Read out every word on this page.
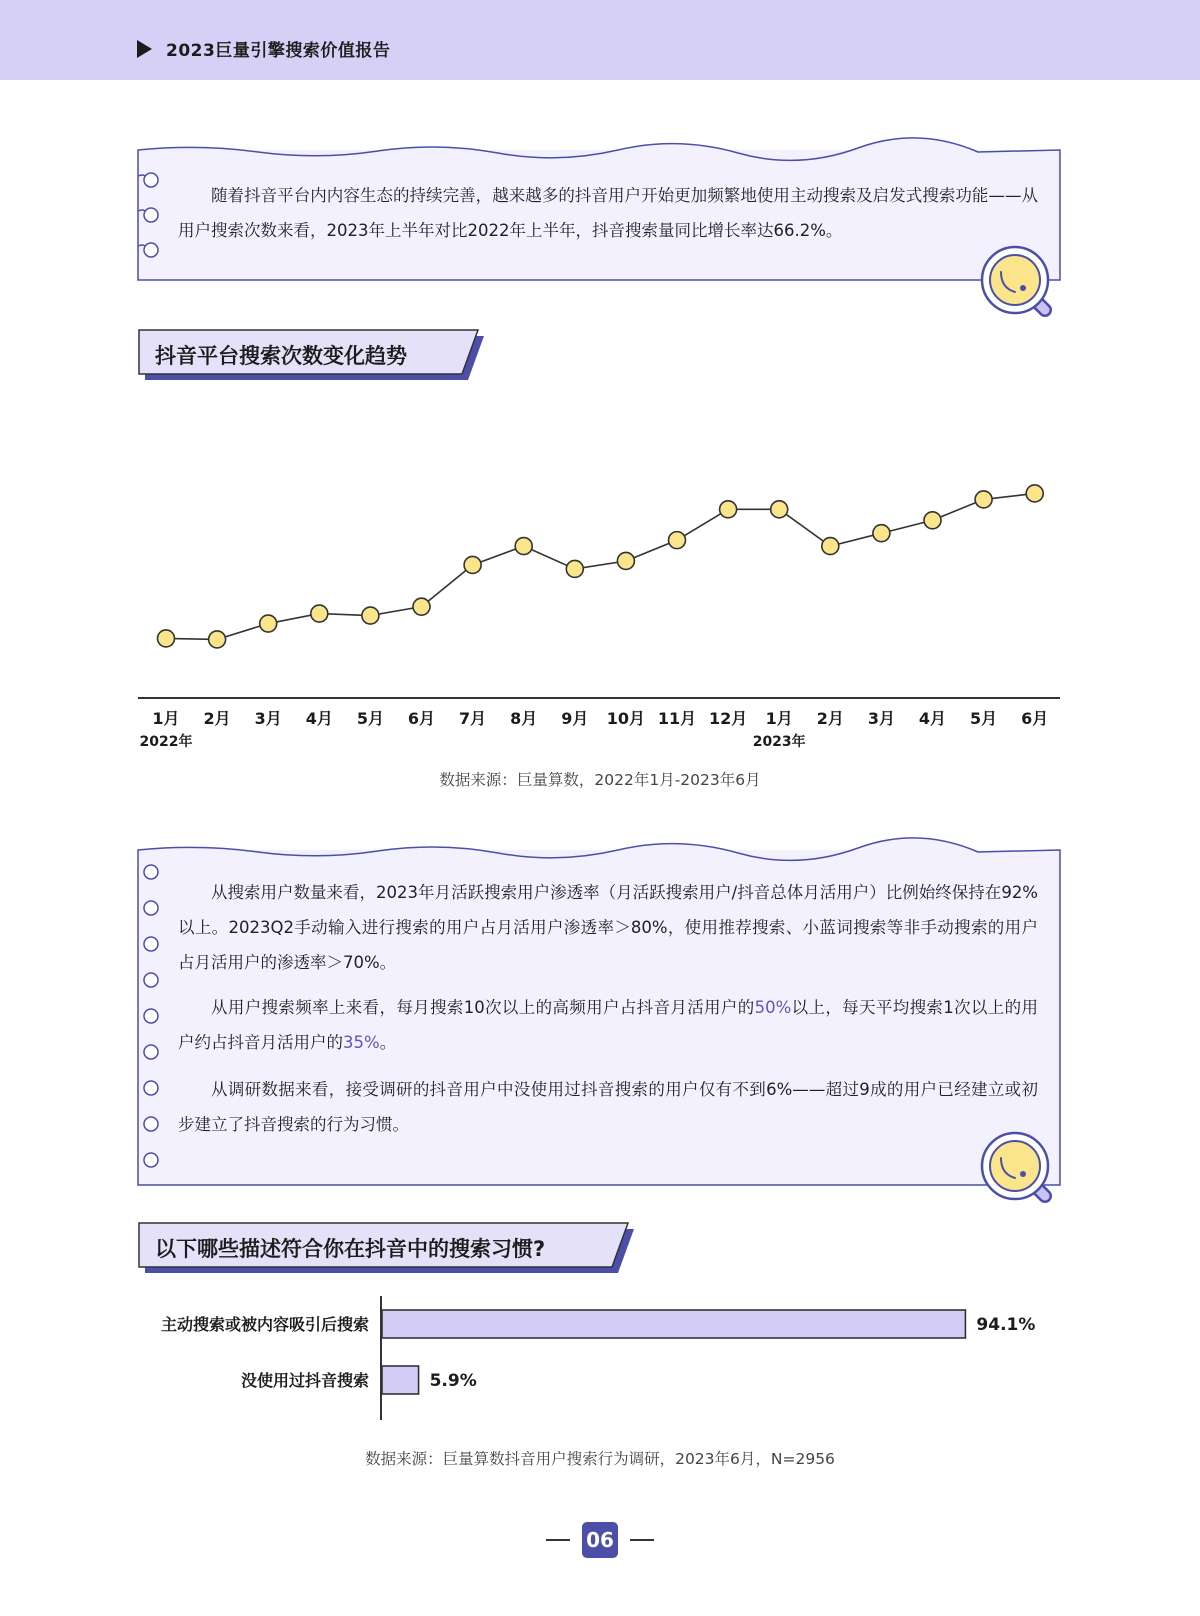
2023巨量引擎搜索价值报告
随着抖音平台内内容生态的持续完善，越来越多的抖音用户开始更加频繁地使用主动搜索及启发式搜索功能——从用户搜索次数来看，2023年上半年对比2022年上半年，抖音搜索量同比增长率达66.2%。
抖音平台搜索次数变化趋势
1月 2月 3月 4月 5月 6月 7月 8月 9月 10月 11月 12月 1月 2月 3月 4月 5月 6月
2022年	2023年
数据来源：巨量算数，2022年1月-2023年6月
从搜索用户数量来看，2023年月活跃搜索用户渗透率（月活跃搜索用户/抖音总体月活用户）比例始终保持在92%以上。2023Q2手动输入进行搜索的用户占月活用户渗透率＞80%，使用推荐搜索、小蓝词搜索等非手动搜索的用户占月活用户的渗透率＞70%。
从用户搜索频率上来看，每月搜索10次以上的高频用户占抖音月活用户的50%以上，每天平均搜索1次以上的用户约占抖音月活用户的35%。
从调研数据来看，接受调研的抖音用户中没使用过抖音搜索的用户仅有不到6%——超过9成的用户已经建立或初步建立了抖音搜索的行为习惯。
以下哪些描述符合你在抖音中的搜索习惯?
主动搜索或被内容吸引后搜索	94.1%
没使用过抖音搜索	5.9%
数据来源：巨量算数抖音用户搜索行为调研，2023年6月，N=2956
06
